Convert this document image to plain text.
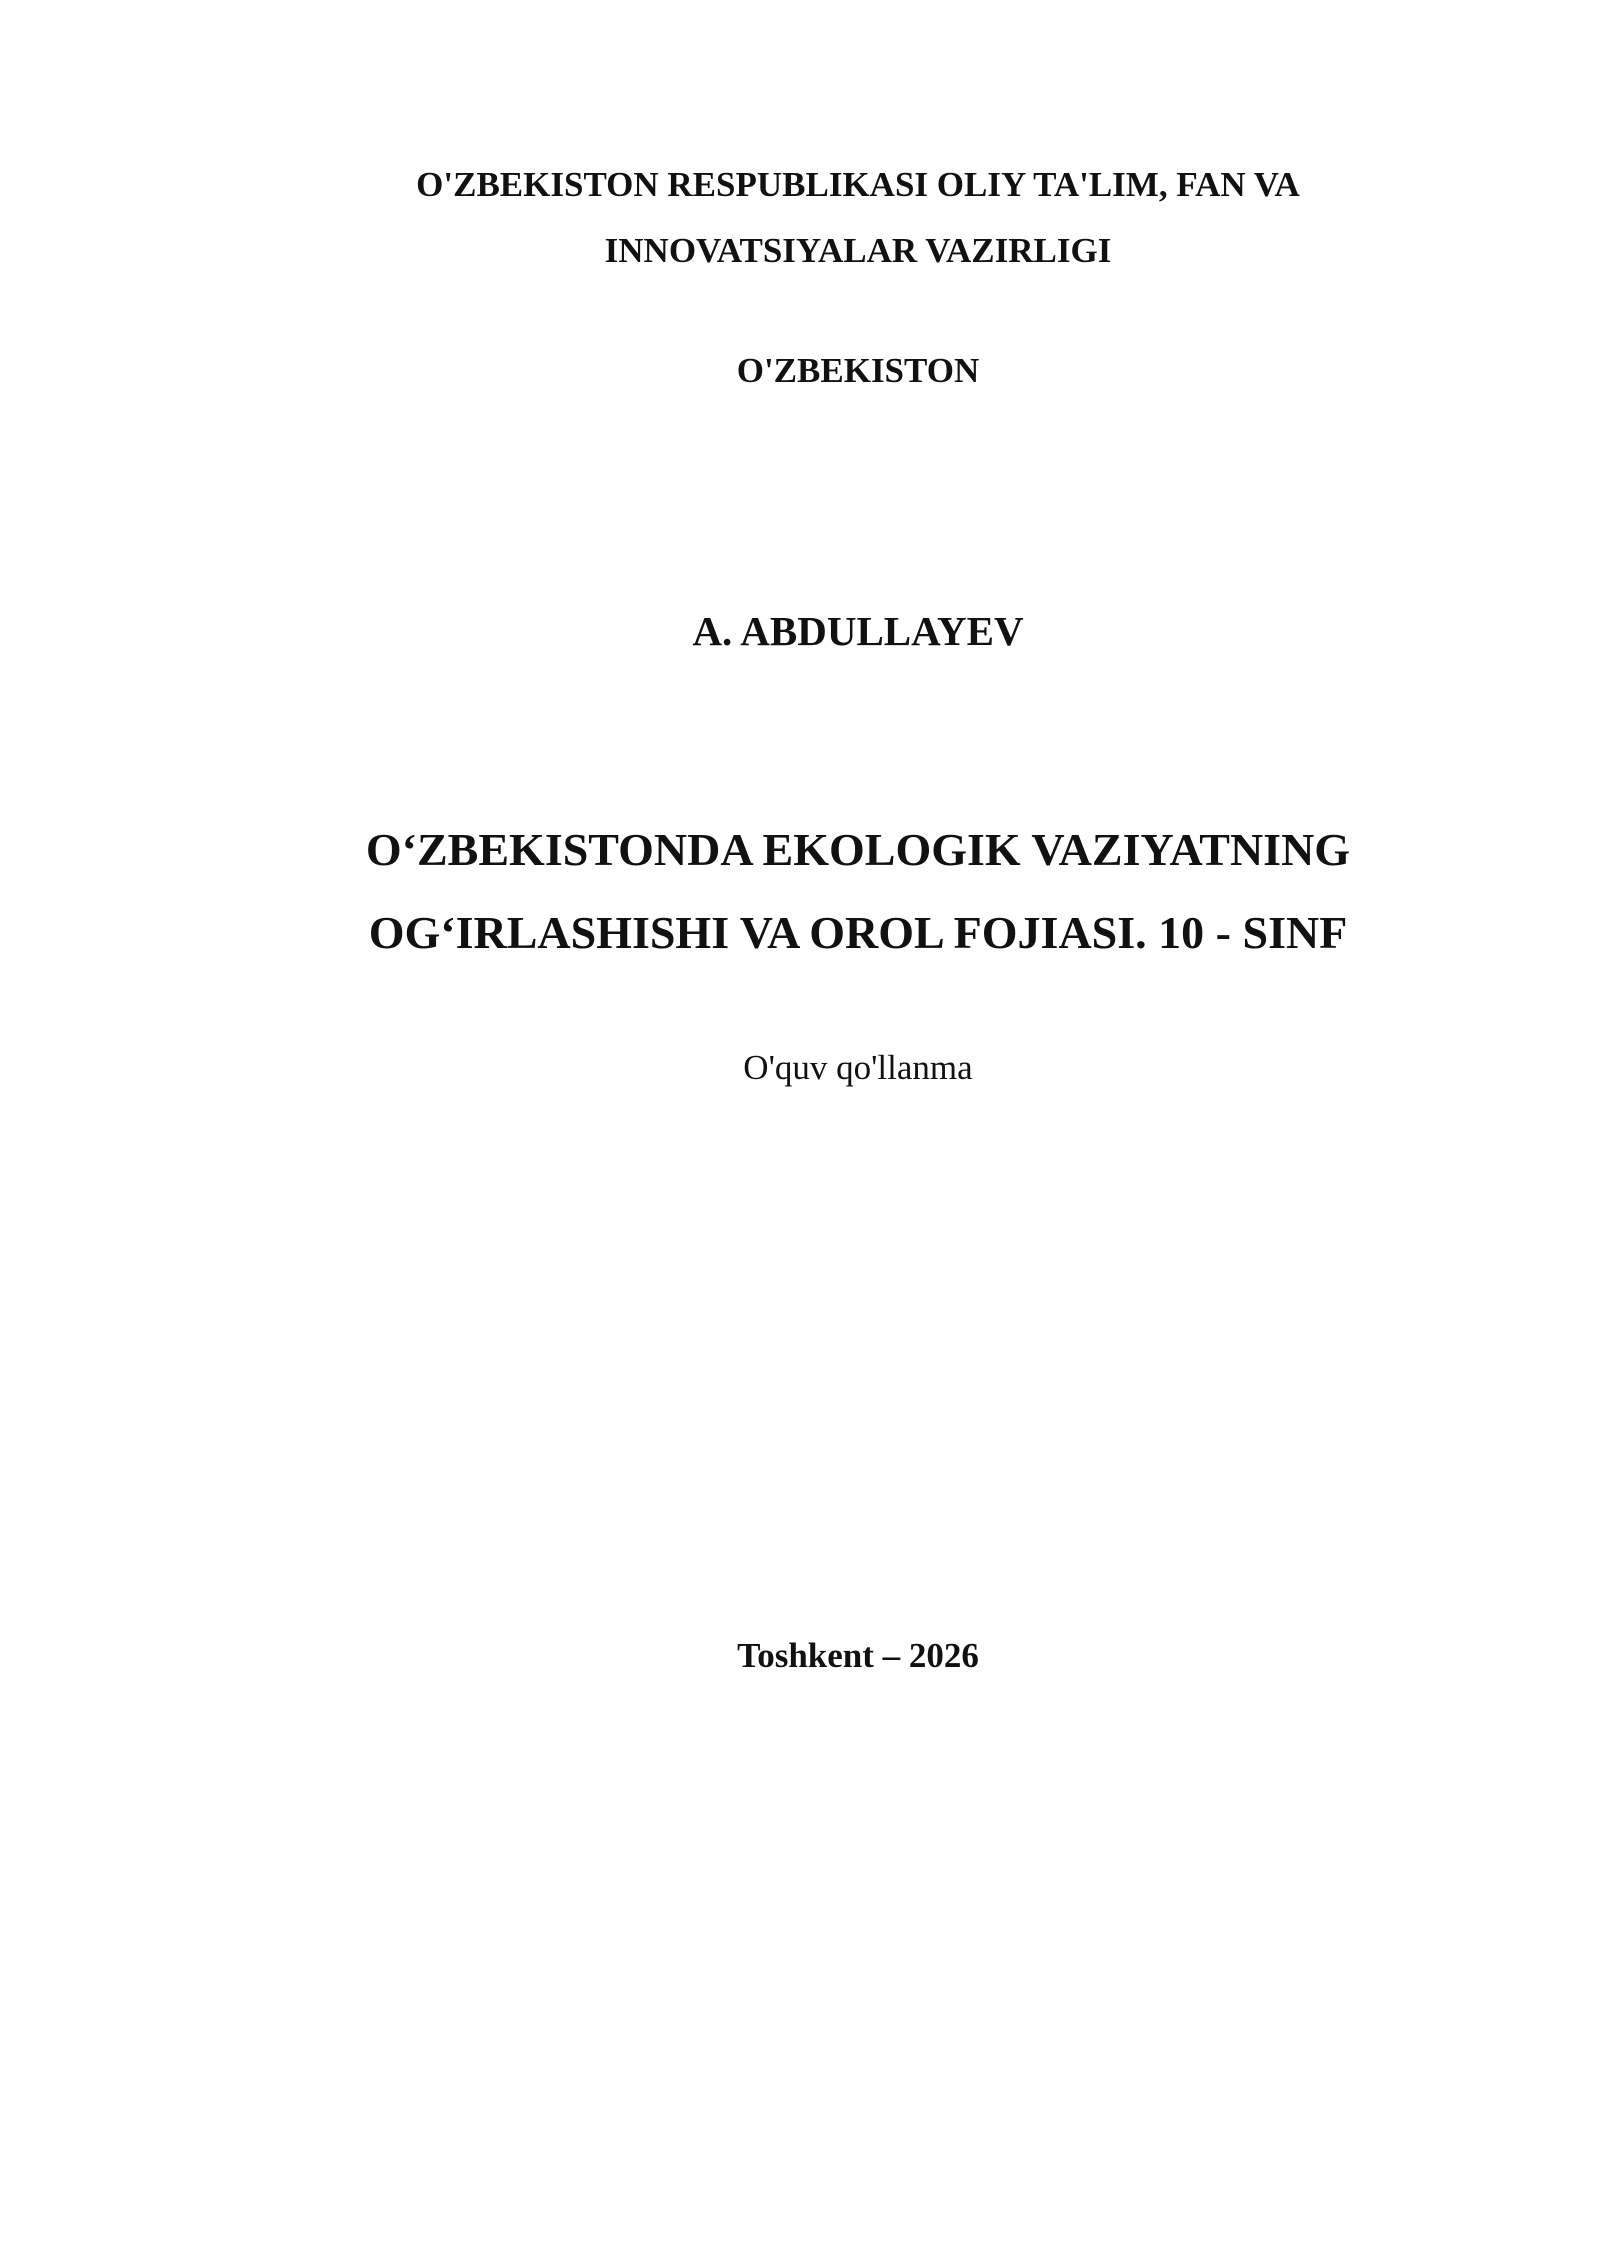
O'ZBEKISTON RESPUBLIKASI OLIY TA'LIM, FAN VA
INNOVATSIYALAR VAZIRLIGI
O'ZBEKISTON
A. ABDULLAYEV
O‘ZBEKISTONDA EKOLOGIK VAZIYATNING
OG‘IRLASHISHI VA OROL FOJIASI. 10 - SINF
O'quv qo'llanma
Toshkent – 2026
